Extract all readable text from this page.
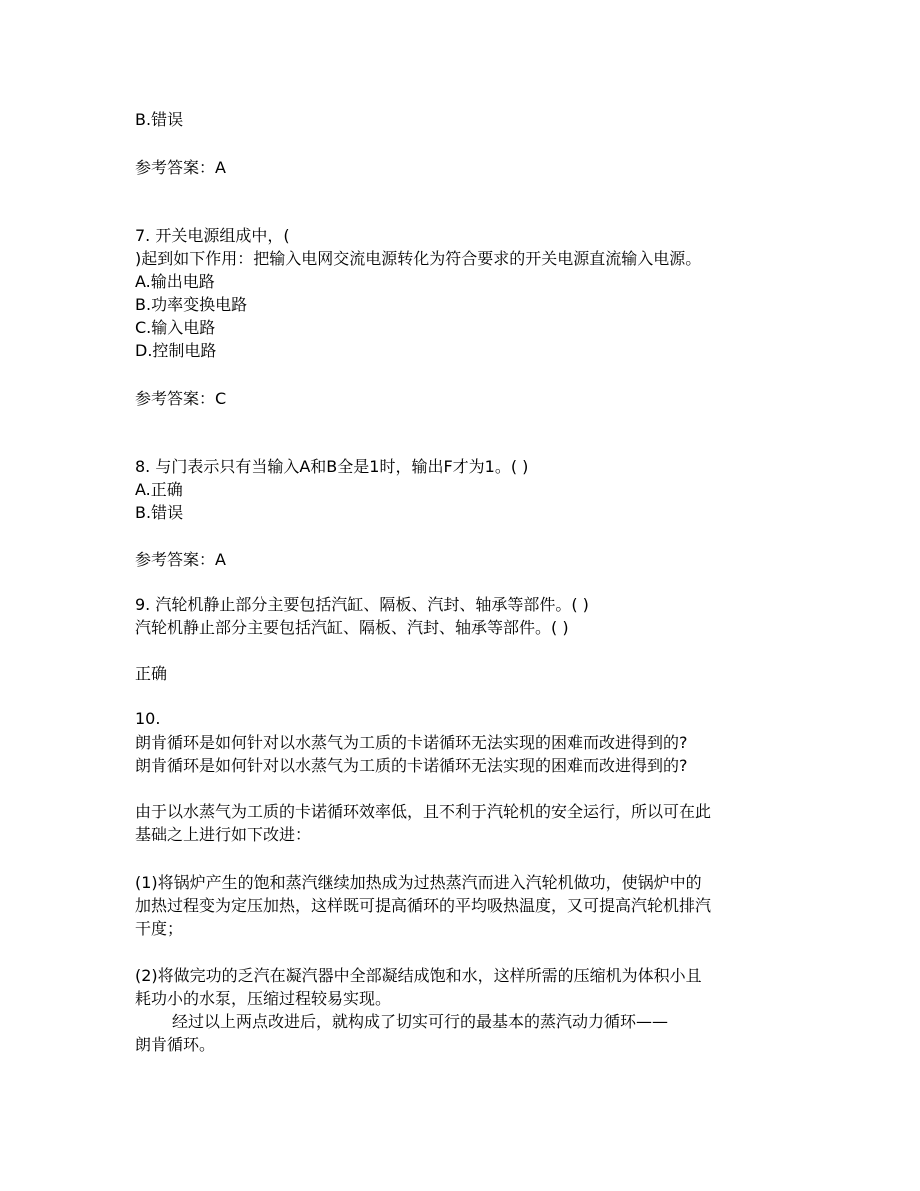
B.错误
参考答案：A
7. 开关电源组成中，(
)起到如下作用：把输入电网交流电源转化为符合要求的开关电源直流输入电源。
A.输出电路
B.功率变换电路
C.输入电路
D.控制电路
参考答案：C
8. 与门表示只有当输入A和B全是1时，输出F才为1。( )
A.正确
B.错误
参考答案：A
9. 汽轮机静止部分主要包括汽缸、隔板、汽封、轴承等部件。( )
汽轮机静止部分主要包括汽缸、隔板、汽封、轴承等部件。( )
正确
10.
朗肯循环是如何针对以水蒸气为工质的卡诺循环无法实现的困难而改进得到的?
朗肯循环是如何针对以水蒸气为工质的卡诺循环无法实现的困难而改进得到的?
由于以水蒸气为工质的卡诺循环效率低，且不利于汽轮机的安全运行，所以可在此
基础之上进行如下改进：
(1)将锅炉产生的饱和蒸汽继续加热成为过热蒸汽而进入汽轮机做功，使锅炉中的
加热过程变为定压加热，这样既可提高循环的平均吸热温度，又可提高汽轮机排汽
干度；
(2)将做完功的乏汽在凝汽器中全部凝结成饱和水，这样所需的压缩机为体积小且
耗功小的水泵，压缩过程较易实现。
经过以上两点改进后，就构成了切实可行的最基本的蒸汽动力循环——
朗肯循环。
